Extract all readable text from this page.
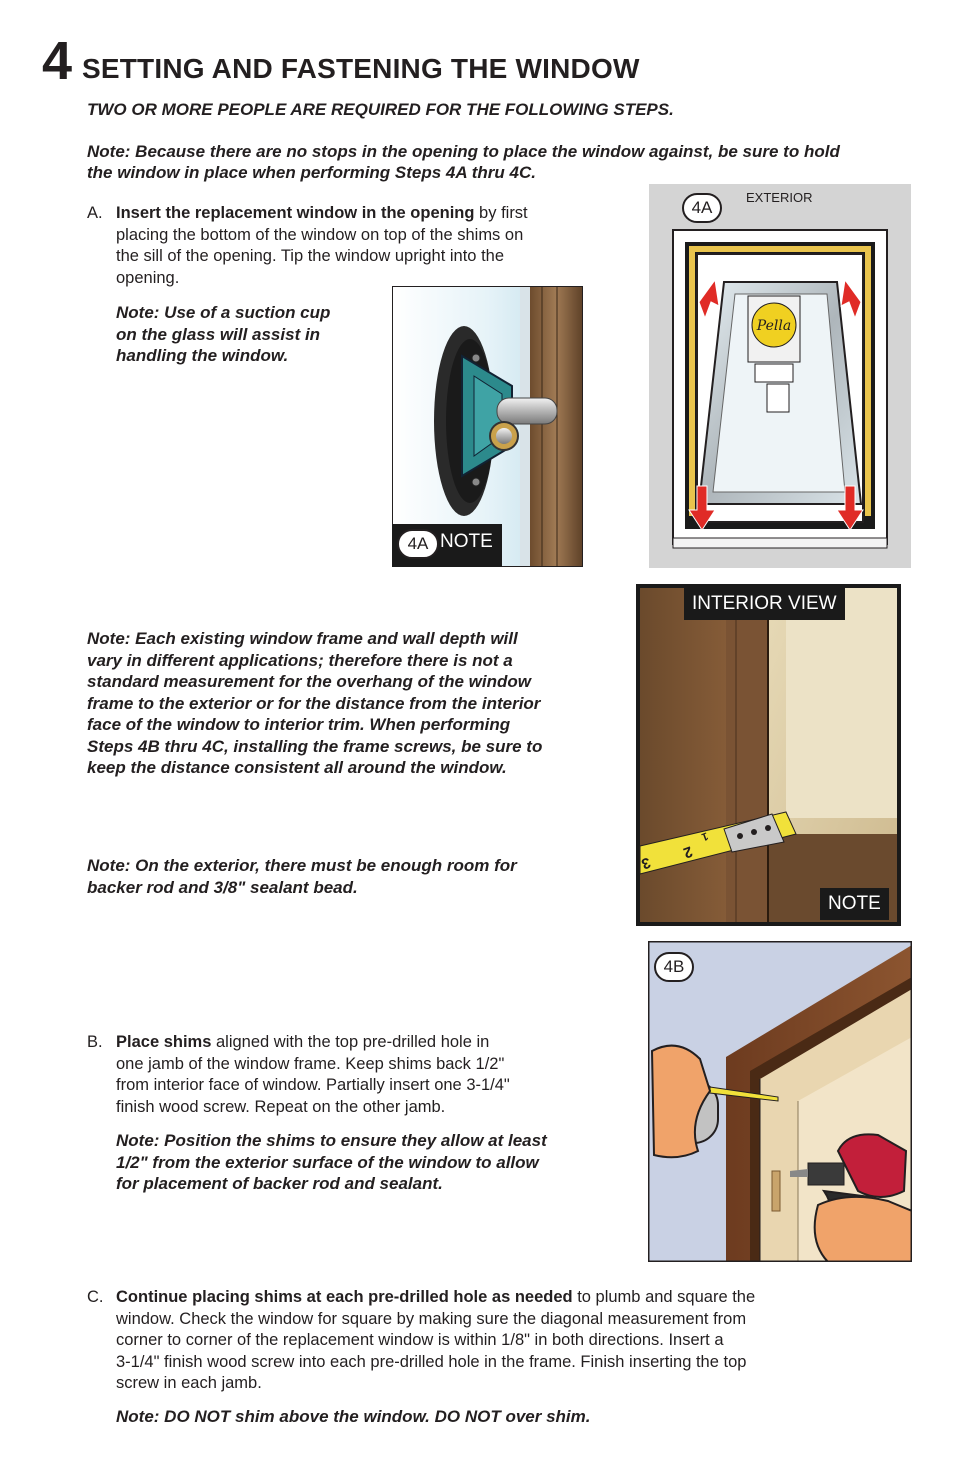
4 SETTING AND FASTENING THE WINDOW
TWO OR MORE PEOPLE ARE REQUIRED FOR THE FOLLOWING STEPS.
Note: Because there are no stops in the opening to place the window against, be sure to hold
the window in place when performing Steps 4A thru 4C.
A. Insert the replacement window in the opening by first
placing the bottom of the window on top of the shims on
the sill of the opening. Tip the window upright into the
opening.
Note: Use of a suction cup
on the glass will assist in
handling the window.
4A NOTE
Pella
4A
EXTERIOR
Note: Each existing window frame and wall depth will
vary in different applications; therefore there is not a
standard measurement for the overhang of the window
frame to the exterior or for the distance from the interior
face of the window to interior trim. When performing
Steps 4B thru 4C, installing the frame screws, be sure to
keep the distance consistent all around the window.
3
2
1
INTERIOR VIEW
NOTE
Note: On the exterior, there must be enough room for
backer rod and 3/8" sealant bead.
B. Place shims aligned with the top pre-drilled hole in
one jamb of the window frame. Keep shims back 1/2"
from interior face of window. Partially insert one 3-1/4"
finish wood screw. Repeat on the other jamb.
Note: Position the shims to ensure they allow at least
1/2" from the exterior surface of the window to allow
for placement of backer rod and sealant.
4B
C. Continue placing shims at each pre-drilled hole as needed to plumb and square the
window. Check the window for square by making sure the diagonal measurement from
corner to corner of the replacement window is within 1/8" in both directions. Insert a
3-1/4" finish wood screw into each pre-drilled hole in the frame. Finish inserting the top
screw in each jamb.
Note: DO NOT shim above the window. DO NOT over shim.
